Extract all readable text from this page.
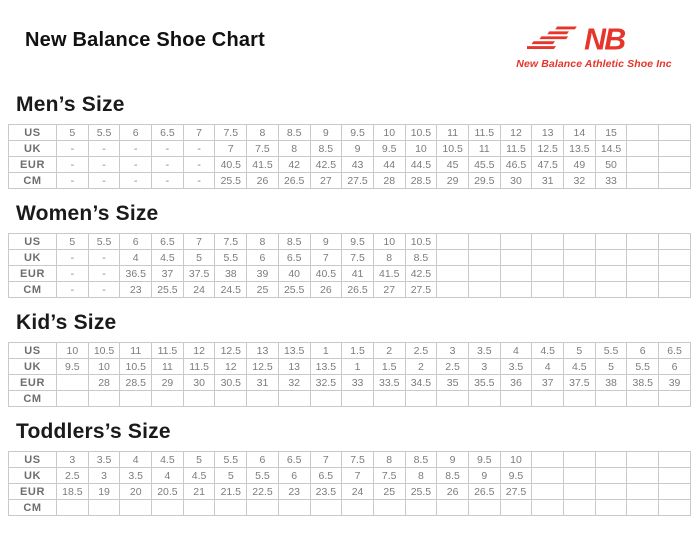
New Balance Shoe Chart	NB
New Balance Athletic Shoe Inc
Men’s Size
US	5	5.5	6	6.5	7	7.5	8	8.5	9	9.5	10	10.5	11	11.5	12	13	14	15		
UK	-	-	-	-	-	7	7.5	8	8.5	9	9.5	10	10.5	11	11.5	12.5	13.5	14.5		
EUR	-	-	-	-	-	40.5	41.5	42	42.5	43	44	44.5	45	45.5	46.5	47.5	49	50		
CM	-	-	-	-	-	25.5	26	26.5	27	27.5	28	28.5	29	29.5	30	31	32	33		
Women’s Size
US	5	5.5	6	6.5	7	7.5	8	8.5	9	9.5	10	10.5								
UK	-	-	4	4.5	5	5.5	6	6.5	7	7.5	8	8.5								
EUR	-	-	36.5	37	37.5	38	39	40	40.5	41	41.5	42.5								
CM	-	-	23	25.5	24	24.5	25	25.5	26	26.5	27	27.5								
Kid’s Size
US	10	10.5	11	11.5	12	12.5	13	13.5	1	1.5	2	2.5	3	3.5	4	4.5	5	5.5	6	6.5
UK	9.5	10	10.5	11	11.5	12	12.5	13	13.5	1	1.5	2	2.5	3	3.5	4	4.5	5	5.5	6
EUR		28	28.5	29	30	30.5	31	32	32.5	33	33.5	34.5	35	35.5	36	37	37.5	38	38.5	39
CM																				
Toddlers’s Size
US	3	3.5	4	4.5	5	5.5	6	6.5	7	7.5	8	8.5	9	9.5	10					
UK	2.5	3	3.5	4	4.5	5	5.5	6	6.5	7	7.5	8	8.5	9	9.5					
EUR	18.5	19	20	20.5	21	21.5	22.5	23	23.5	24	25	25.5	26	26.5	27.5					
CM																				
